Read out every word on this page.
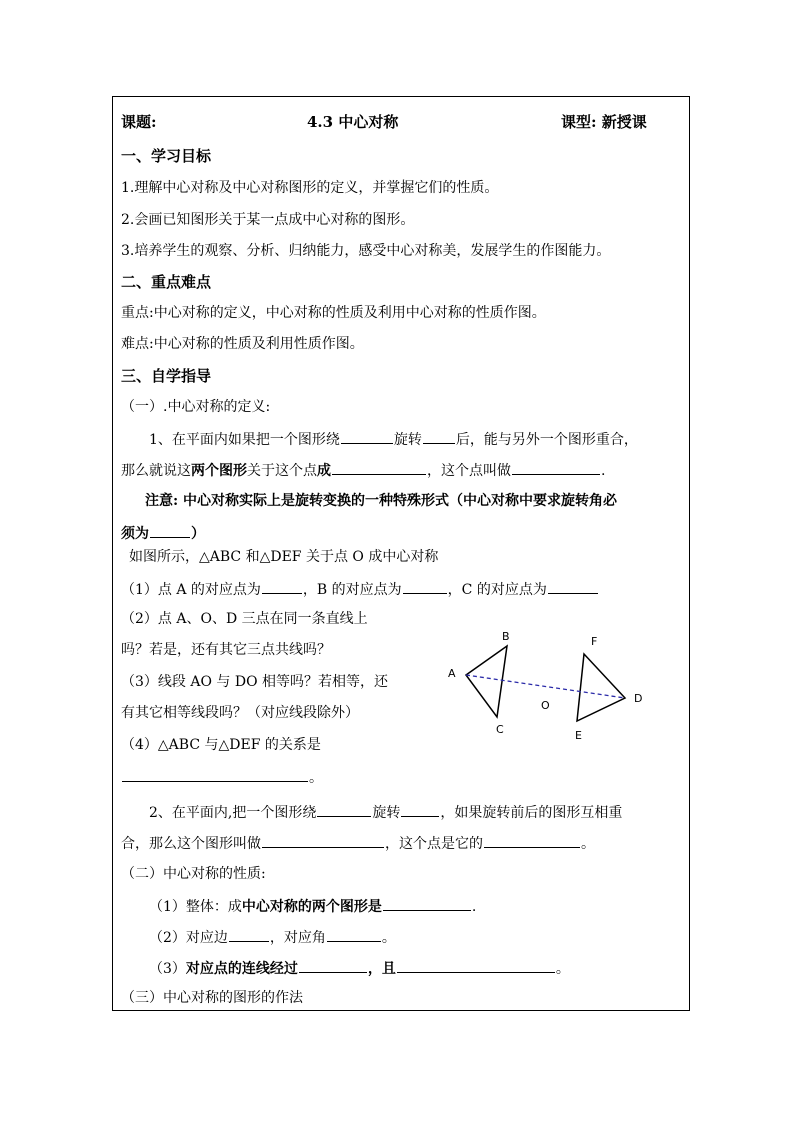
课题:	4.3 中心对称	课型: 新授课
一、学习目标
1.理解中心对称及中心对称图形的定义，并掌握它们的性质。
2.会画已知图形关于某一点成中心对称的图形。
3.培养学生的观察、分析、归纳能力，感受中心对称美，发展学生的作图能力。
二、重点难点
重点:中心对称的定义，中心对称的性质及利用中心对称的性质作图。
难点:中心对称的性质及利用性质作图。
三、自学指导
（一）.中心对称的定义:
1、在平面内如果把一个图形绕	旋转 后，能与另外一个图形重合，
那么就说这两个图形关于这个点成	，这个点叫做	.
注意: 中心对称实际上是旋转变换的一种特殊形式（中心对称中要求旋转角必
须为	）
如图所示，△ABC 和△DEF 关于点 O 成中心对称
（1）点 A 的对应点为	，B 的对应点为	，C 的对应点为
（2）点 A、O、D 三点在同一条直线上
吗？若是，还有其它三点共线吗？
（3）线段 AO 与 DO 相等吗？若相等，还
有其它相等线段吗？（对应线段除外）
（4）△ABC 与△DEF 的关系是
。
A
B
C
O
F
D
E
2、在平面内,把一个图形绕	旋转	，如果旋转前后的图形互相重
合，那么这个图形叫做	，这个点是它的	。
（二）中心对称的性质:
（1）整体：成中心对称的两个图形是	.
（2）对应边	，对应角	。
（3）对应点的连线经过	，且	。
（三）中心对称的图形的作法
